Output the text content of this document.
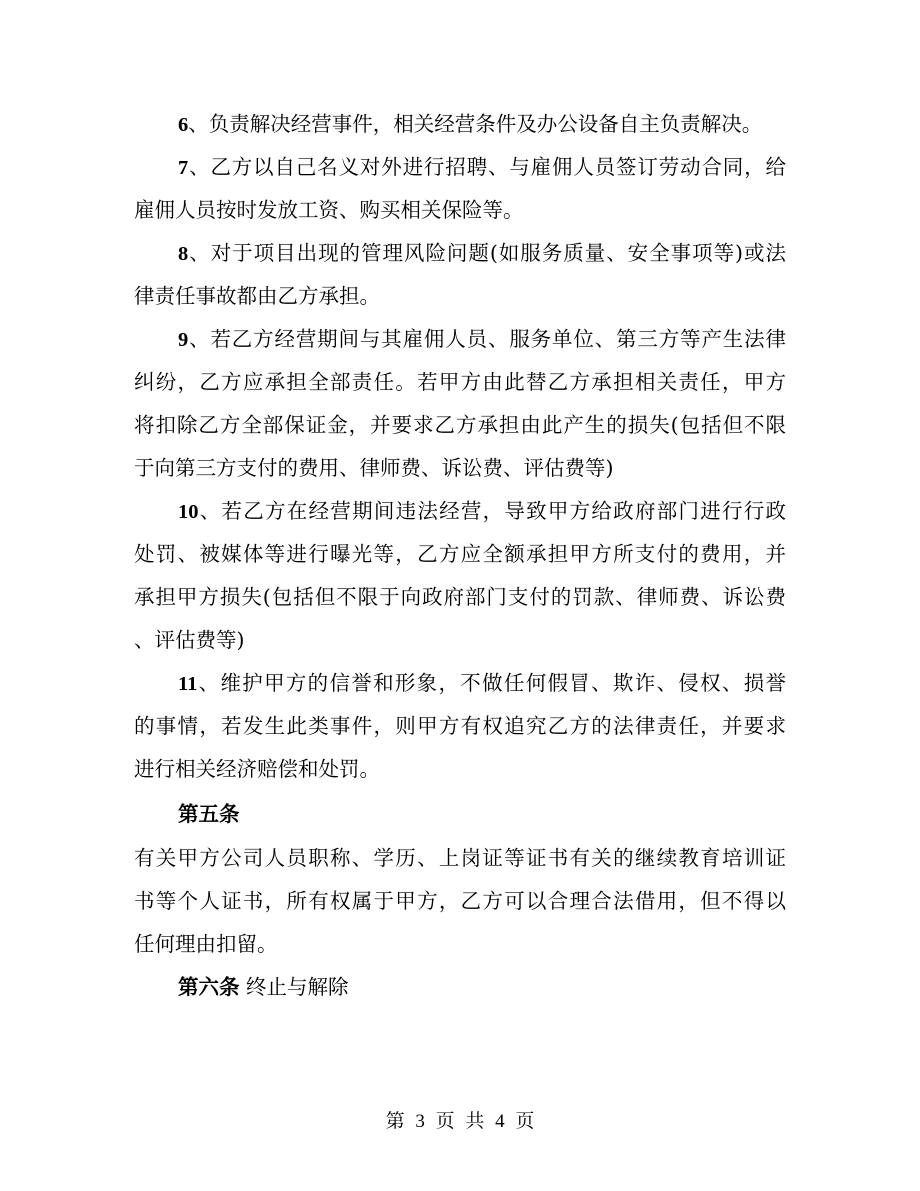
6、负责解决经营事件，相关经营条件及办公设备自主负责解决。
7、乙方以自己名义对外进行招聘、与雇佣人员签订劳动合同，给
雇佣人员按时发放工资、购买相关保险等。
8、对于项目出现的管理风险问题(如服务质量、安全事项等)或法
律责任事故都由乙方承担。
9、若乙方经营期间与其雇佣人员、服务单位、第三方等产生法律
纠纷，乙方应承担全部责任。若甲方由此替乙方承担相关责任，甲方
将扣除乙方全部保证金，并要求乙方承担由此产生的损失(包括但不限
于向第三方支付的费用、律师费、诉讼费、评估费等)
10、若乙方在经营期间违法经营，导致甲方给政府部门进行行政
处罚、被媒体等进行曝光等，乙方应全额承担甲方所支付的费用，并
承担甲方损失(包括但不限于向政府部门支付的罚款、律师费、诉讼费
、评估费等)
11、维护甲方的信誉和形象，不做任何假冒、欺诈、侵权、损誉
的事情，若发生此类事件，则甲方有权追究乙方的法律责任，并要求
进行相关经济赔偿和处罚。
第五条
有关甲方公司人员职称、学历、上岗证等证书有关的继续教育培训证
书等个人证书，所有权属于甲方，乙方可以合理合法借用，但不得以
任何理由扣留。
第六条 终止与解除
第 3 页 共 4 页
